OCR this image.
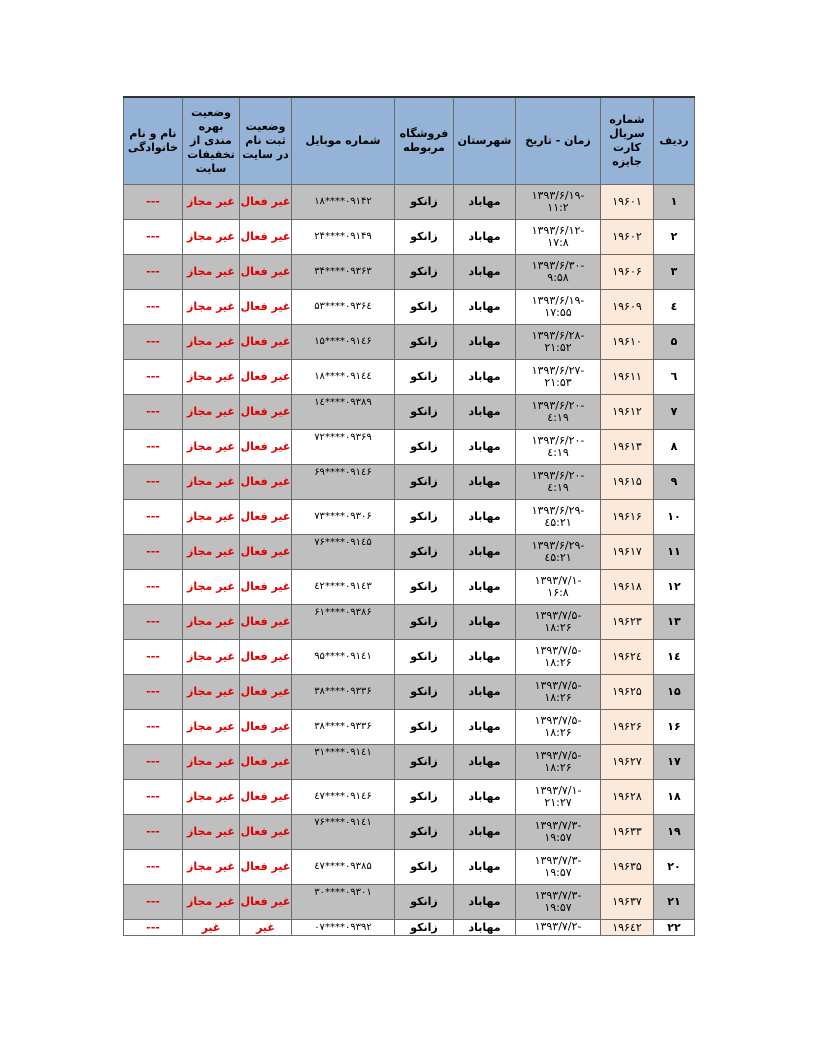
ردیف	شماره سریال کارت جایزه	زمان - تاریخ	شهرستان	فروشگاه مربوطه	شماره موبایل	وضعیت ثبت نام در سایت	وضعیت بهره مندی از تخفیفات سایت	نام و نام خانوادگی

۱	۱۹۶۰۱	-۱۳۹۳/۶/۱۹
۱۱:۲	مهاباد	زانکو	۰۹۱۴۲****۱۸	غیر فعال	غیر مجاز	---

۲	۱۹۶۰۲	-۱۳۹۳/۶/۱۲
۱۷:۸	مهاباد	زانکو	۰۹۱۴۹****۲۴	غیر فعال	غیر مجاز	---

۳	۱۹۶۰۶	-۱۳۹۳/۶/۳۰
۹:۵۸	مهاباد	زانکو	۰۹۳۶۳****۳۴	غیر فعال	غیر مجاز	---

٤	۱۹۶۰۹	-۱۳۹۳/۶/۱۹
۱۷:۵۵	مهاباد	زانکو	۰۹۳۶٤****۵۳	غیر فعال	غیر مجاز	---

۵	۱۹۶۱۰	-۱۳۹۳/۶/۲۸
۲۱:۵۲	مهاباد	زانکو	۰۹۱٤۶****۱۵	غیر فعال	غیر مجاز	---

٦	۱۹۶۱۱	-۱۳۹۳/۶/۲۷
۲۱:۵۳	مهاباد	زانکو	۰۹۱٤٤****۱۸	غیر فعال	غیر مجاز	---

۷	۱۹۶۱۲	-۱۳۹۳/۶/۲۰
۱۹:٤	مهاباد	زانکو	۰۹۳۸۹****۱٤	غیر فعال	غیر مجاز	---

۸	۱۹۶۱۳	-۱۳۹۳/۶/۲۰
۱۹:٤	مهاباد	زانکو	۰۹۳۶۹****۷۲	غیر فعال	غیر مجاز	---

۹	۱۹۶۱۵	-۱۳۹۳/۶/۲۰
۱۹:٤	مهاباد	زانکو	۰۹۱٤۶****۶۹	غیر فعال	غیر مجاز	---

۱۰	۱۹۶۱۶	-۱۳۹۳/۶/۲۹
۲۱:٤۵	مهاباد	زانکو	۰۹۳۰۶****۷۳	غیر فعال	غیر مجاز	---

۱۱	۱۹۶۱۷	-۱۳۹۳/۶/۲۹
۲۱:٤۵	مهاباد	زانکو	۰۹۱٤۵****۷۶	غیر فعال	غیر مجاز	---

۱۲	۱۹۶۱۸	-۱۳۹۳/۷/۱
۱۶:۸	مهاباد	زانکو	۰۹۱٤۳****٤۲	غیر فعال	غیر مجاز	---

۱۳	۱۹۶۲۳	-۱۳۹۳/۷/۵
۱۸:۲۶	مهاباد	زانکو	۰۹۳۸۶****۶۱	غیر فعال	غیر مجاز	---

۱٤	۱۹۶۲٤	-۱۳۹۳/۷/۵
۱۸:۲۶	مهاباد	زانکو	۰۹۱٤۱****۹۵	غیر فعال	غیر مجاز	---

۱۵	۱۹۶۲۵	-۱۳۹۳/۷/۵
۱۸:۲۶	مهاباد	زانکو	۰۹۳۳۶****۳۸	غیر فعال	غیر مجاز	---

۱۶	۱۹۶۲۶	-۱۳۹۳/۷/۵
۱۸:۲۶	مهاباد	زانکو	۰۹۳۳۶****۳۸	غیر فعال	غیر مجاز	---

۱۷	۱۹۶۲۷	-۱۳۹۳/۷/۵
۱۸:۲۶	مهاباد	زانکو	۰۹۱٤۱****۳۱	غیر فعال	غیر مجاز	---

۱۸	۱۹۶۲۸	-۱۳۹۳/۷/۱
۲۱:۲۷	مهاباد	زانکو	۰۹۱٤۶****٤۷	غیر فعال	غیر مجاز	---

۱۹	۱۹۶۳۳	-۱۳۹۳/۷/۳
۱۹:۵۷	مهاباد	زانکو	۰۹۱٤۱****۷۶	غیر فعال	غیر مجاز	---

۲۰	۱۹۶۳۵	-۱۳۹۳/۷/۳
۱۹:۵۷	مهاباد	زانکو	۰۹۳۸۵****٤۷	غیر فعال	غیر مجاز	---

۲۱	۱۹۶۳۷	-۱۳۹۳/۷/۳
۱۹:۵۷	مهاباد	زانکو	۰۹۳۰۱****۳۰	غیر فعال	غیر مجاز	---

۲۲	۱۹۶٤۲	-۱۳۹۳/۷/۲	مهاباد	زانکو	۰۹۳۹۲****۰۷	غیر	غیر	---
